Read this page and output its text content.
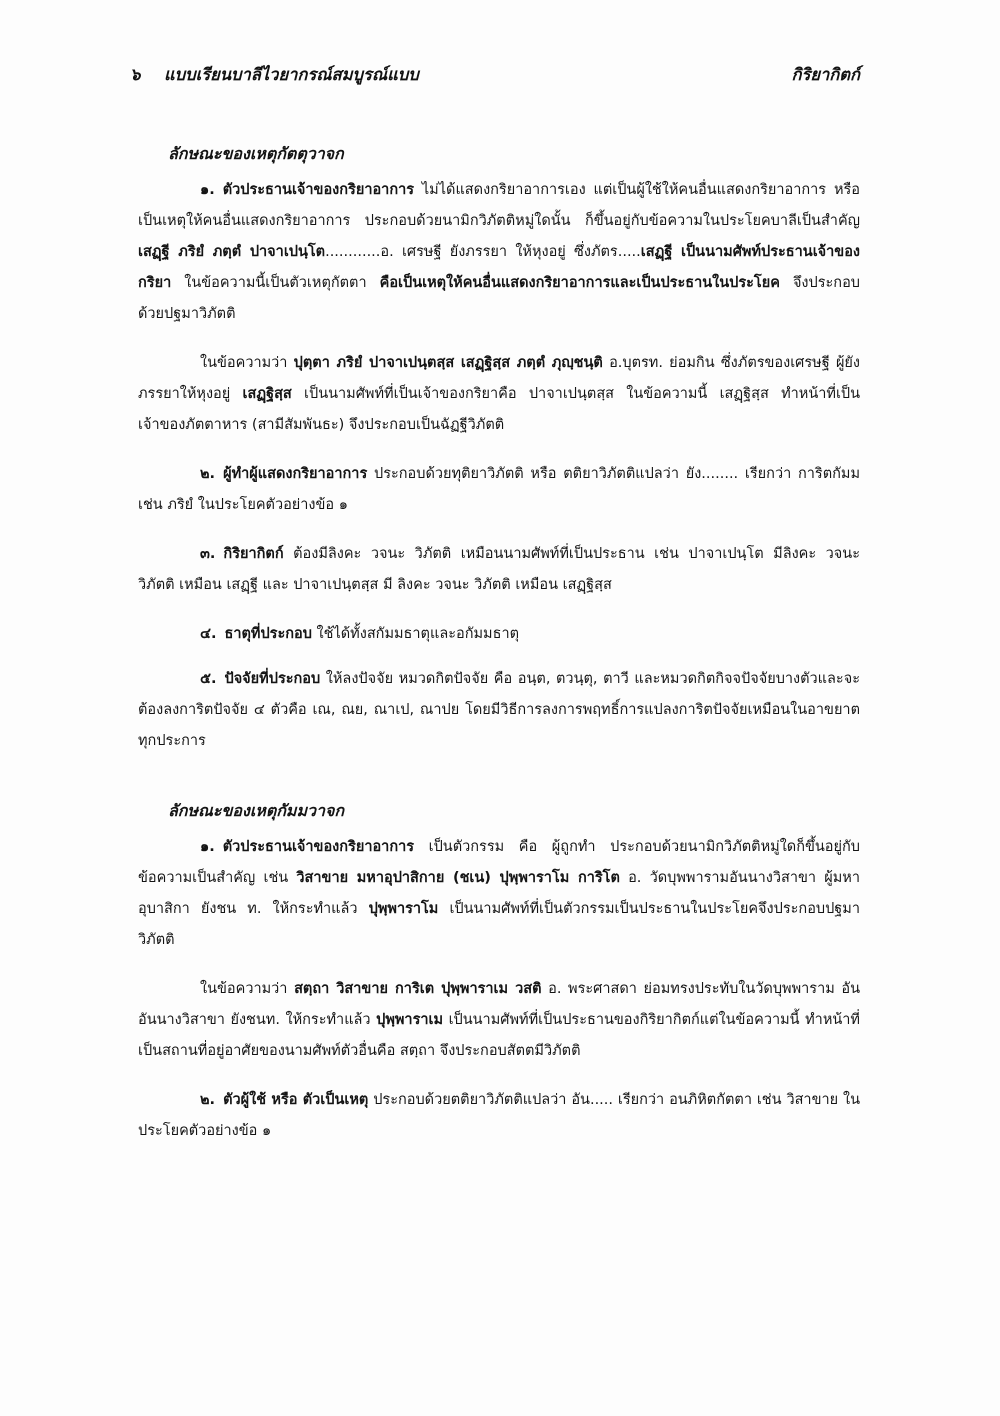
๖ แบบเรียนบาลีไวยากรณ์สมบูรณ์แบบ	กิริยากิตก์
ลักษณะของเหตุกัตตุวาจก

๑. ตัวประธานเจ้าของกริยาอาการ ไม่ได้แสดงกริยาอาการเอง แต่เป็นผู้ใช้ให้คนอื่นแสดงกริยาอาการ หรือ เป็นเหตุให้คนอื่นแสดงกริยาอาการ ประกอบด้วยนามิกวิภัตติหมู่ใดนั้น ก็ขึ้นอยู่กับข้อความในประโยคบาลีเป็นสำคัญ เสฏฺฐี ภริยํ ภตฺตํ ปาจาเปนฺโต............อ. เศรษฐี ยังภรรยา ให้หุงอยู่ ซึ่งภัตร.....เสฏฺฐี เป็นนามศัพท์ประธานเจ้าของกริยา ในข้อความนี้เป็นตัวเหตุกัตตา คือเป็นเหตุให้คนอื่นแสดงกริยาอาการและเป็นประธานในประโยค จึงประกอบด้วยปฐมาวิภัตติ

ในข้อความว่า ปุตฺตา ภริยํ ปาจาเปนฺตสฺส เสฏฺฐิสฺส ภตฺตํ ภุญฺชนฺติ อ.บุตรท. ย่อมกิน ซึ่งภัตรของเศรษฐี ผู้ยังภรรยาให้หุงอยู่ เสฏฺฐิสฺส เป็นนามศัพท์ที่เป็นเจ้าของกริยาคือ ปาจาเปนฺตสฺส ในข้อความนี้ เสฏฺฐิสฺส ทำหน้าที่เป็นเจ้าของภัตตาหาร (สามีสัมพันธะ) จึงประกอบเป็นฉัฏฐีวิภัตติ

๒. ผู้ทำผู้แสดงกริยาอาการ ประกอบด้วยทุติยาวิภัตติ หรือ ตติยาวิภัตติแปลว่า ยัง........ เรียกว่า การิตกัมม เช่น ภริยํ ในประโยคตัวอย่างข้อ ๑

๓. กิริยากิตก์ ต้องมีลิงคะ วจนะ วิภัตติ เหมือนนามศัพท์ที่เป็นประธาน เช่น ปาจาเปนฺโต มีลิงคะ วจนะ วิภัตติ เหมือน เสฏฺฐี และ ปาจาเปนฺตสฺส มี ลิงคะ วจนะ วิภัตติ เหมือน เสฏฺฐิสฺส

๔. ธาตุที่ประกอบ ใช้ได้ทั้งสกัมมธาตุและอกัมมธาตุ

๕. ปัจจัยที่ประกอบ ให้ลงปัจจัย หมวดกิตปัจจัย คือ อนฺต, ตวนฺตุ, ตาวี และหมวดกิตกิจจปัจจัยบางตัวและจะต้องลงการิตปัจจัย ๔ ตัวคือ เณ, ณย, ณาเป, ณาปย โดยมีวิธีการลงการพฤทธิ์การแปลงการิตปัจจัยเหมือนในอาขยาตทุกประการ

ลักษณะของเหตุกัมมวาจก

๑. ตัวประธานเจ้าของกริยาอาการ เป็นตัวกรรม คือ ผู้ถูกทำ ประกอบด้วยนามิกวิภัตติหมู่ใดก็ขึ้นอยู่กับข้อความเป็นสำคัญ เช่น วิสาขาย มหาอุปาสิกาย (ชเน) ปุพฺพาราโม การิโต อ. วัดบุพพารามอันนางวิสาขา ผู้มหาอุบาสิกา ยังชน ท. ให้กระทำแล้ว ปุพฺพาราโม เป็นนามศัพท์ที่เป็นตัวกรรมเป็นประธานในประโยคจึงประกอบปฐมาวิภัตติ

ในข้อความว่า สตฺถา วิสาขาย การิเต ปุพฺพาราเม วสติ อ. พระศาสดา ย่อมทรงประทับในวัดบุพพาราม อันอันนางวิสาขา ยังชนท. ให้กระทำแล้ว ปุพฺพาราเม เป็นนามศัพท์ที่เป็นประธานของกิริยากิตก์แต่ในข้อความนี้ ทำหน้าที่เป็นสถานที่อยู่อาศัยของนามศัพท์ตัวอื่นคือ สตฺถา จึงประกอบสัตตมีวิภัตติ

๒. ตัวผู้ใช้ หรือ ตัวเป็นเหตุ ประกอบด้วยตติยาวิภัตติแปลว่า อัน..... เรียกว่า อนภิหิตกัตตา เช่น วิสาขาย ในประโยคตัวอย่างข้อ ๑
